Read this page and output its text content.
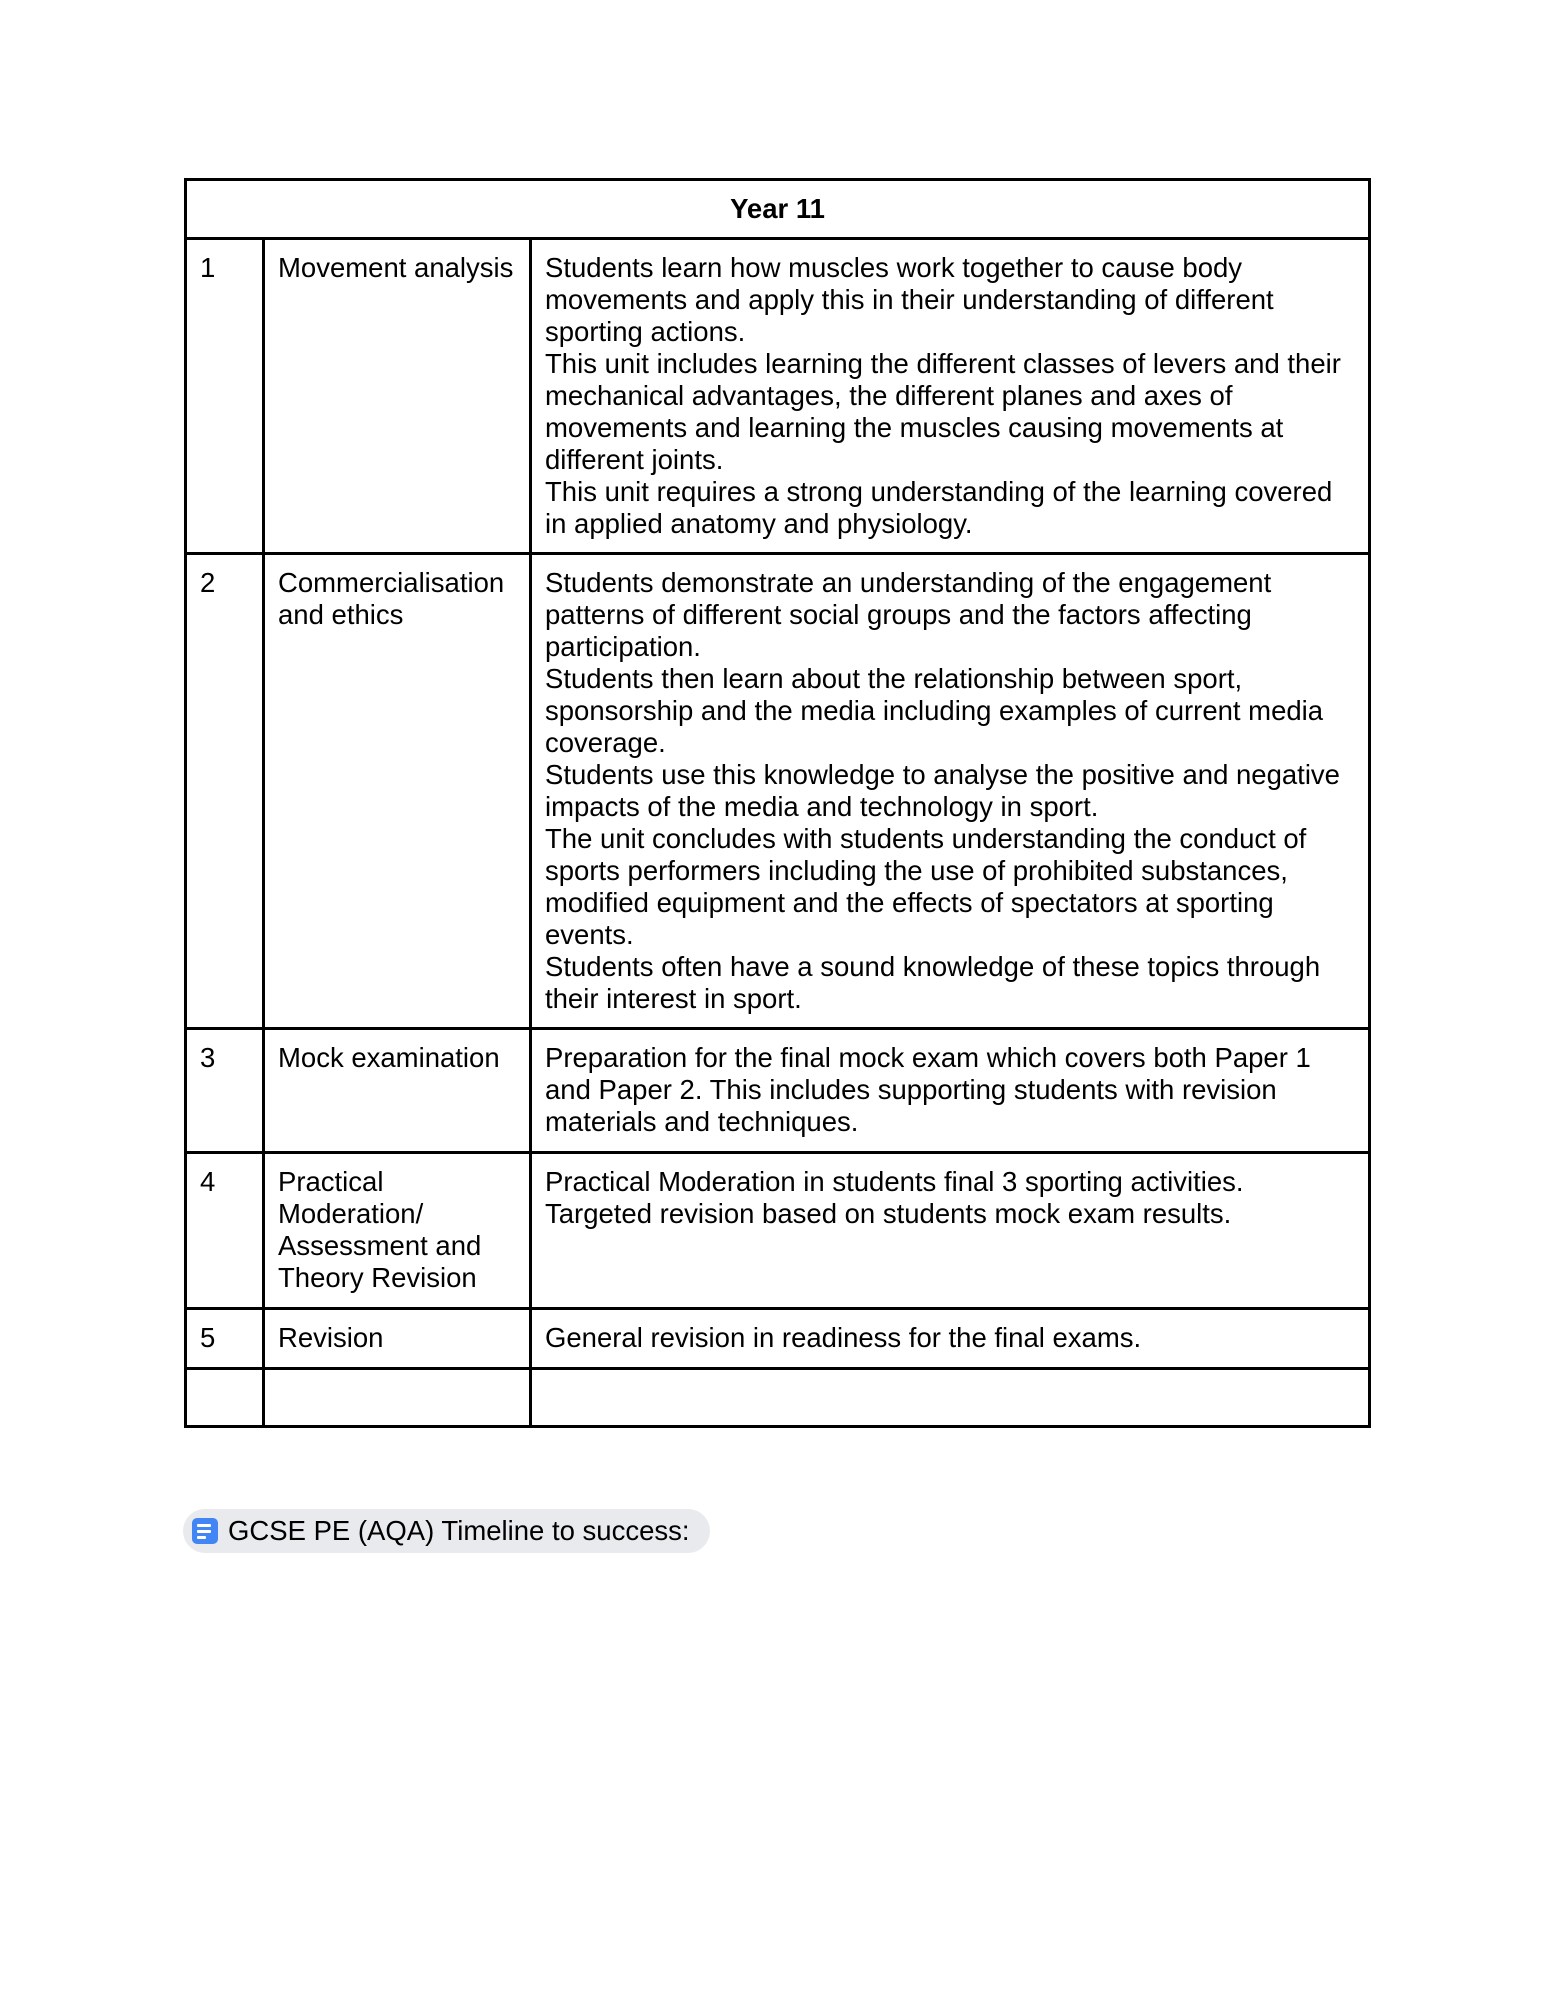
Year 11		
1	Movement analysis	Students learn how muscles work together to cause body movements and apply this in their understanding of different sporting actions.
This unit includes learning the different classes of levers and their mechanical advantages, the different planes and axes of movements and learning the muscles causing movements at different joints.
This unit requires a strong understanding of the learning covered in applied anatomy and physiology.

2	Commercialisation and ethics	Students demonstrate an understanding of the engagement patterns of different social groups and the factors affecting participation.
Students then learn about the relationship between sport, sponsorship and the media including examples of current media coverage.
Students use this knowledge to analyse the positive and negative impacts of the media and technology in sport.
The unit concludes with students understanding the conduct of sports performers including the use of prohibited substances, modified equipment and the effects of spectators at sporting events.
Students often have a sound knowledge of these topics through their interest in sport.

3	Mock examination	Preparation for the final mock exam which covers both Paper 1 and Paper 2. This includes supporting students with revision materials and techniques.

4	Practical Moderation/ Assessment and Theory Revision	Practical Moderation in students final 3 sporting activities.
Targeted revision based on students mock exam results.

5	Revision	General revision in readiness for the final exams.

GCSE PE (AQA) Timeline to success:
